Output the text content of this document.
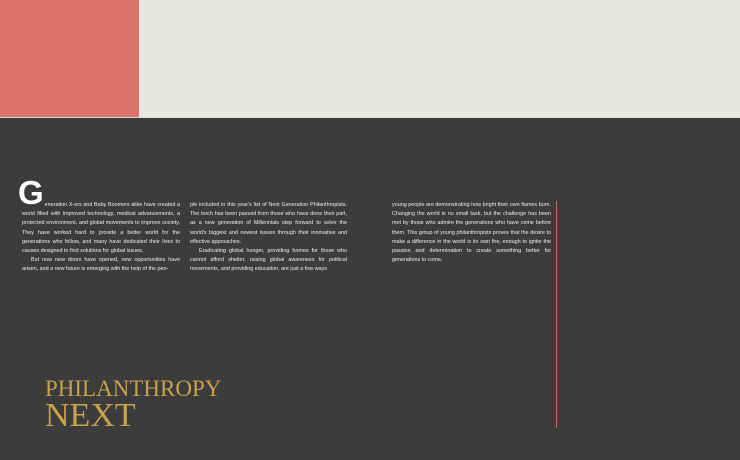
Generation X-ers and Baby Boomers alike have created a world filled with improved technology, medical advancements, a protected environment, and global movements to improve society. They have worked hard to provide a better world for the generations who follow, and many have dedicated their lives to causes designed to find solutions for global issues.

But now new doors have opened, new opportunities have arisen, and a new future is emerging with the help of the peo-

ple included in this year's list of Next Generation Philanthropists. The torch has been passed from those who have done their part, as a new generation of Millennials step forward to solve the world's biggest and newest issues through their innovative and effective approaches.

Eradicating global hunger, providing homes for those who cannot afford shelter, raising global awareness for political movements, and providing education, are just a few ways

young people are demonstrating how bright their own flames burn. Changing the world is no small task, but the challenge has been met by those who admire the generations who have come before them. This group of young philanthropists proves that the desire to make a difference in the world is its own fire, enough to ignite the passion and determination to create something better for generations to come.

PHILANTHROPY
NEXT
